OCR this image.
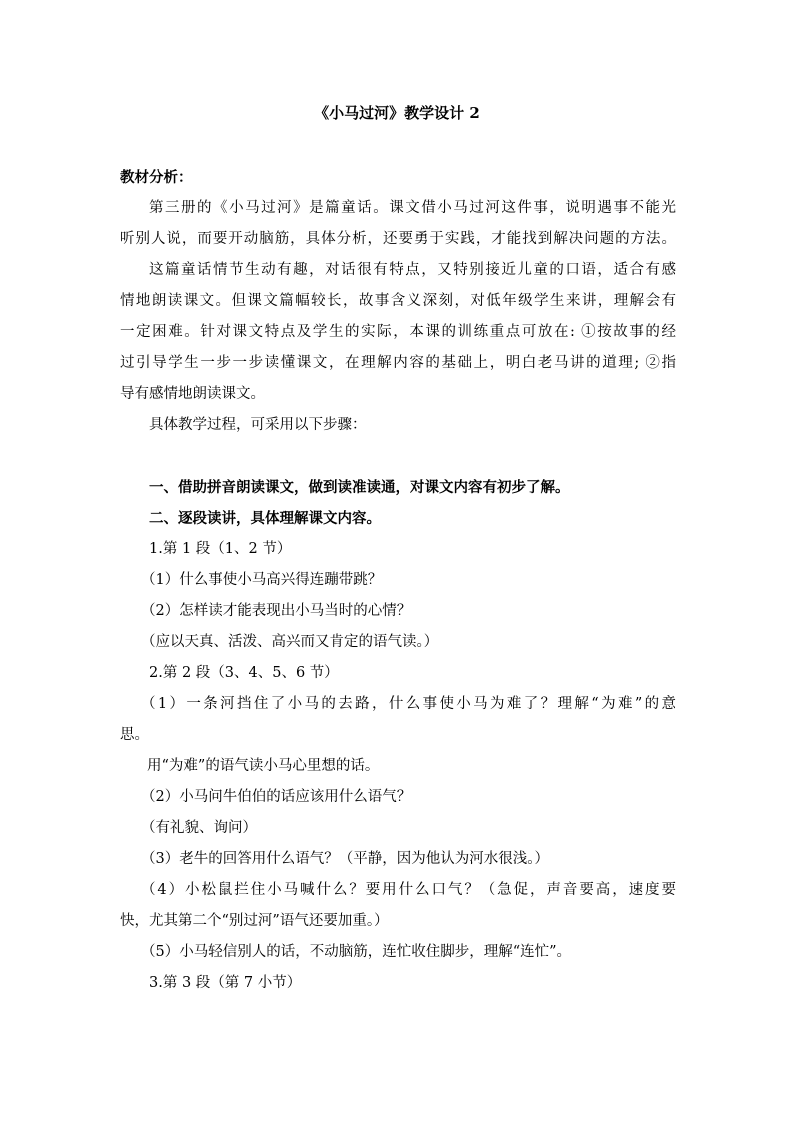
《小马过河》教学设计 2
教材分析：
第三册的《小马过河》是篇童话。课文借小马过河这件事，说明遇事不能光
听别人说，而要开动脑筋，具体分析，还要勇于实践，才能找到解决问题的方法。
这篇童话情节生动有趣，对话很有特点，又特别接近儿童的口语，适合有感
情地朗读课文。但课文篇幅较长，故事含义深刻，对低年级学生来讲，理解会有
一定困难。针对课文特点及学生的实际，本课的训练重点可放在: ①按故事的经
过引导学生一步一步读懂课文，在理解内容的基础上，明白老马讲的道理; ②指
导有感情地朗读课文。
具体教学过程，可采用以下步骤：
一、借助拼音朗读课文，做到读准读通，对课文内容有初步了解。
二、逐段读讲，具体理解课文内容。
1.第 1 段（1、2 节）
（1）什么事使小马高兴得连蹦带跳？
（2）怎样读才能表现出小马当时的心情？
（应以天真、活泼、高兴而又肯定的语气读。）
2.第 2 段（3、4、5、6 节）
（1）一条河挡住了小马的去路，什么事使小马为难了？理解“为难”的意
思。
用“为难”的语气读小马心里想的话。
（2）小马问牛伯伯的话应该用什么语气？
（有礼貌、询问）
（3）老牛的回答用什么语气？（平静，因为他认为河水很浅。）
（4）小松鼠拦住小马喊什么？要用什么口气？（急促，声音要高，速度要
快，尤其第二个“别过河”语气还要加重。）
（5）小马轻信别人的话，不动脑筋，连忙收住脚步，理解“连忙”。
3.第 3 段（第 7 小节）
